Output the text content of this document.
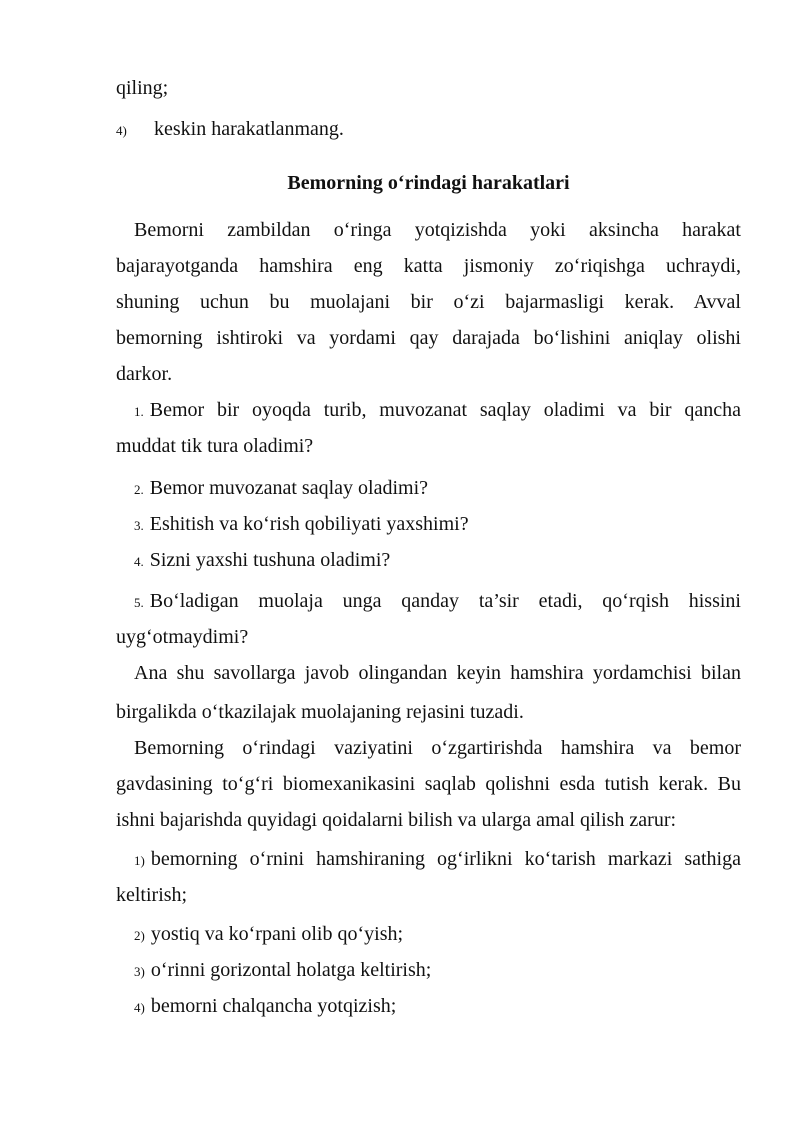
qiling;
4) keskin harakatlanmang.
Bemorning o‘rindagi harakatlari
Bemorni zambildan o‘ringa yotqizishda yoki aksincha harakat
bajarayotganda hamshira eng katta jismoniy zo‘riqishga uchraydi,
shuning uchun bu muolajani bir o‘zi bajarmasligi kerak. Avval
bemorning ishtiroki va yordami qay darajada bo‘lishini aniqlay olishi
darkor.
1. Bemor bir oyoqda turib, muvozanat saqlay oladimi va bir qancha
muddat tik tura oladimi?
2. Bemor muvozanat saqlay oladimi?
3. Eshitish va ko‘rish qobiliyati yaxshimi?
4. Sizni yaxshi tushuna oladimi?
5. Bo‘ladigan muolaja unga qanday ta’sir etadi, qo‘rqish hissini
uyg‘otmaydimi?
Ana shu savollarga javob olingandan keyin hamshira yordamchisi bilan
birgalikda o‘tkazilajak muolajaning rejasini tuzadi.
Bemorning o‘rindagi vaziyatini o‘zgartirishda hamshira va bemor
gavdasining to‘g‘ri biomexanikasini saqlab qolishni esda tutish kerak. Bu
ishni bajarishda quyidagi qoidalarni bilish va ularga amal qilish zarur:
1) bemorning o‘rnini hamshiraning og‘irlikni ko‘tarish markazi sathiga
keltirish;
2) yostiq va ko‘rpani olib qo‘yish;
3) o‘rinni gorizontal holatga keltirish;
4) bemorni chalqancha yotqizish;
